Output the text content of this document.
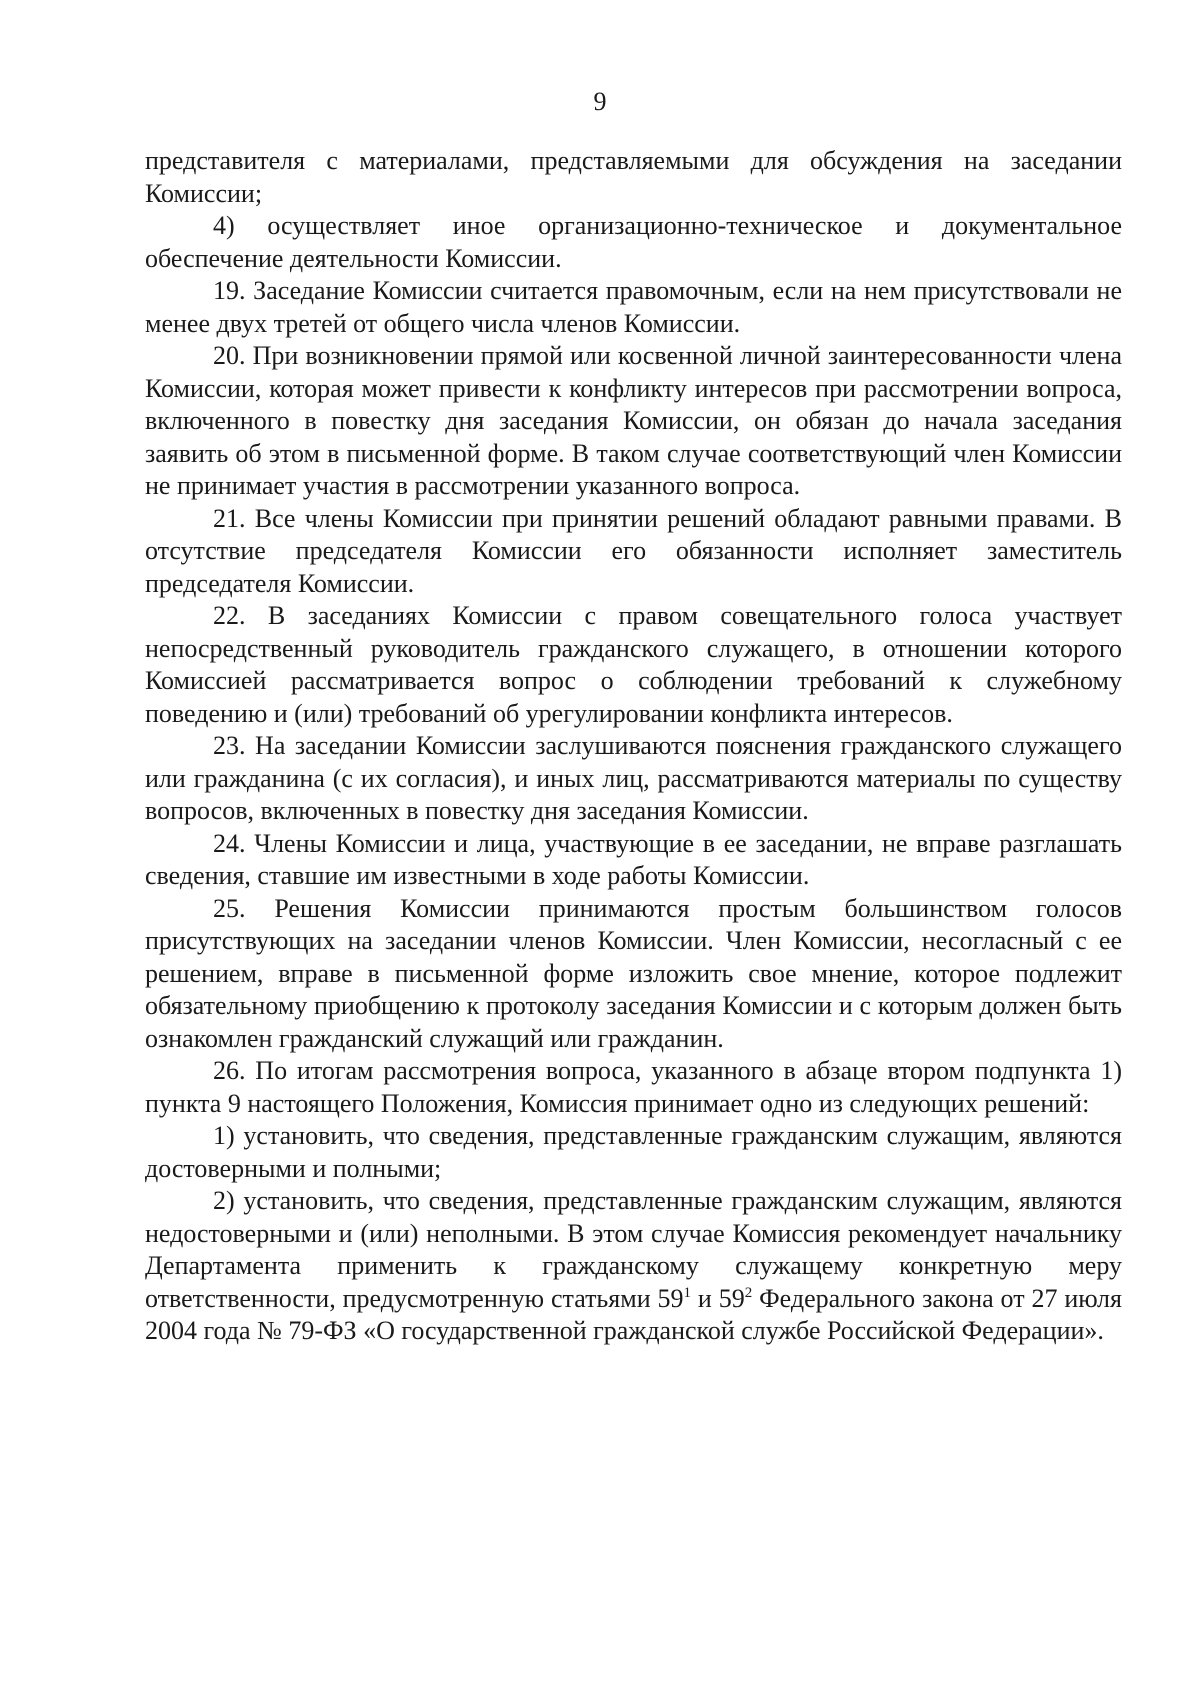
9

представителя с материалами, представляемыми для обсуждения на заседании Комиссии;

4) осуществляет иное организационно-техническое и документальное обеспечение деятельности Комиссии.

19. Заседание Комиссии считается правомочным, если на нем присутствовали не менее двух третей от общего числа членов Комиссии.

20. При возникновении прямой или косвенной личной заинтересованности члена Комиссии, которая может привести к конфликту интересов при рассмотрении вопроса, включенного в повестку дня заседания Комиссии, он обязан до начала заседания заявить об этом в письменной форме. В таком случае соответствующий член Комиссии не принимает участия в рассмотрении указанного вопроса.

21. Все члены Комиссии при принятии решений обладают равными правами. В отсутствие председателя Комиссии его обязанности исполняет заместитель председателя Комиссии.

22. В заседаниях Комиссии с правом совещательного голоса участвует непосредственный руководитель гражданского служащего, в отношении которого Комиссией рассматривается вопрос о соблюдении требований к служебному поведению и (или) требований об урегулировании конфликта интересов.

23. На заседании Комиссии заслушиваются пояснения гражданского служащего или гражданина (с их согласия), и иных лиц, рассматриваются материалы по существу вопросов, включенных в повестку дня заседания Комиссии.

24. Члены Комиссии и лица, участвующие в ее заседании, не вправе разглашать сведения, ставшие им известными в ходе работы Комиссии.

25. Решения Комиссии принимаются простым большинством голосов присутствующих на заседании членов Комиссии. Член Комиссии, несогласный с ее решением, вправе в письменной форме изложить свое мнение, которое подлежит обязательному приобщению к протоколу заседания Комиссии и с которым должен быть ознакомлен гражданский служащий или гражданин.

26. По итогам рассмотрения вопроса, указанного в абзаце втором подпункта 1) пункта 9 настоящего Положения, Комиссия принимает одно из следующих решений:

1) установить, что сведения, представленные гражданским служащим, являются достоверными и полными;

2) установить, что сведения, представленные гражданским служащим, являются недостоверными и (или) неполными. В этом случае Комиссия рекомендует начальнику Департамента применить к гражданскому служащему конкретную меру ответственности, предусмотренную статьями $59^1$ и $59^2$ Федерального закона от 27 июля 2004 года № 79-ФЗ «О государственной гражданской службе Российской Федерации».
